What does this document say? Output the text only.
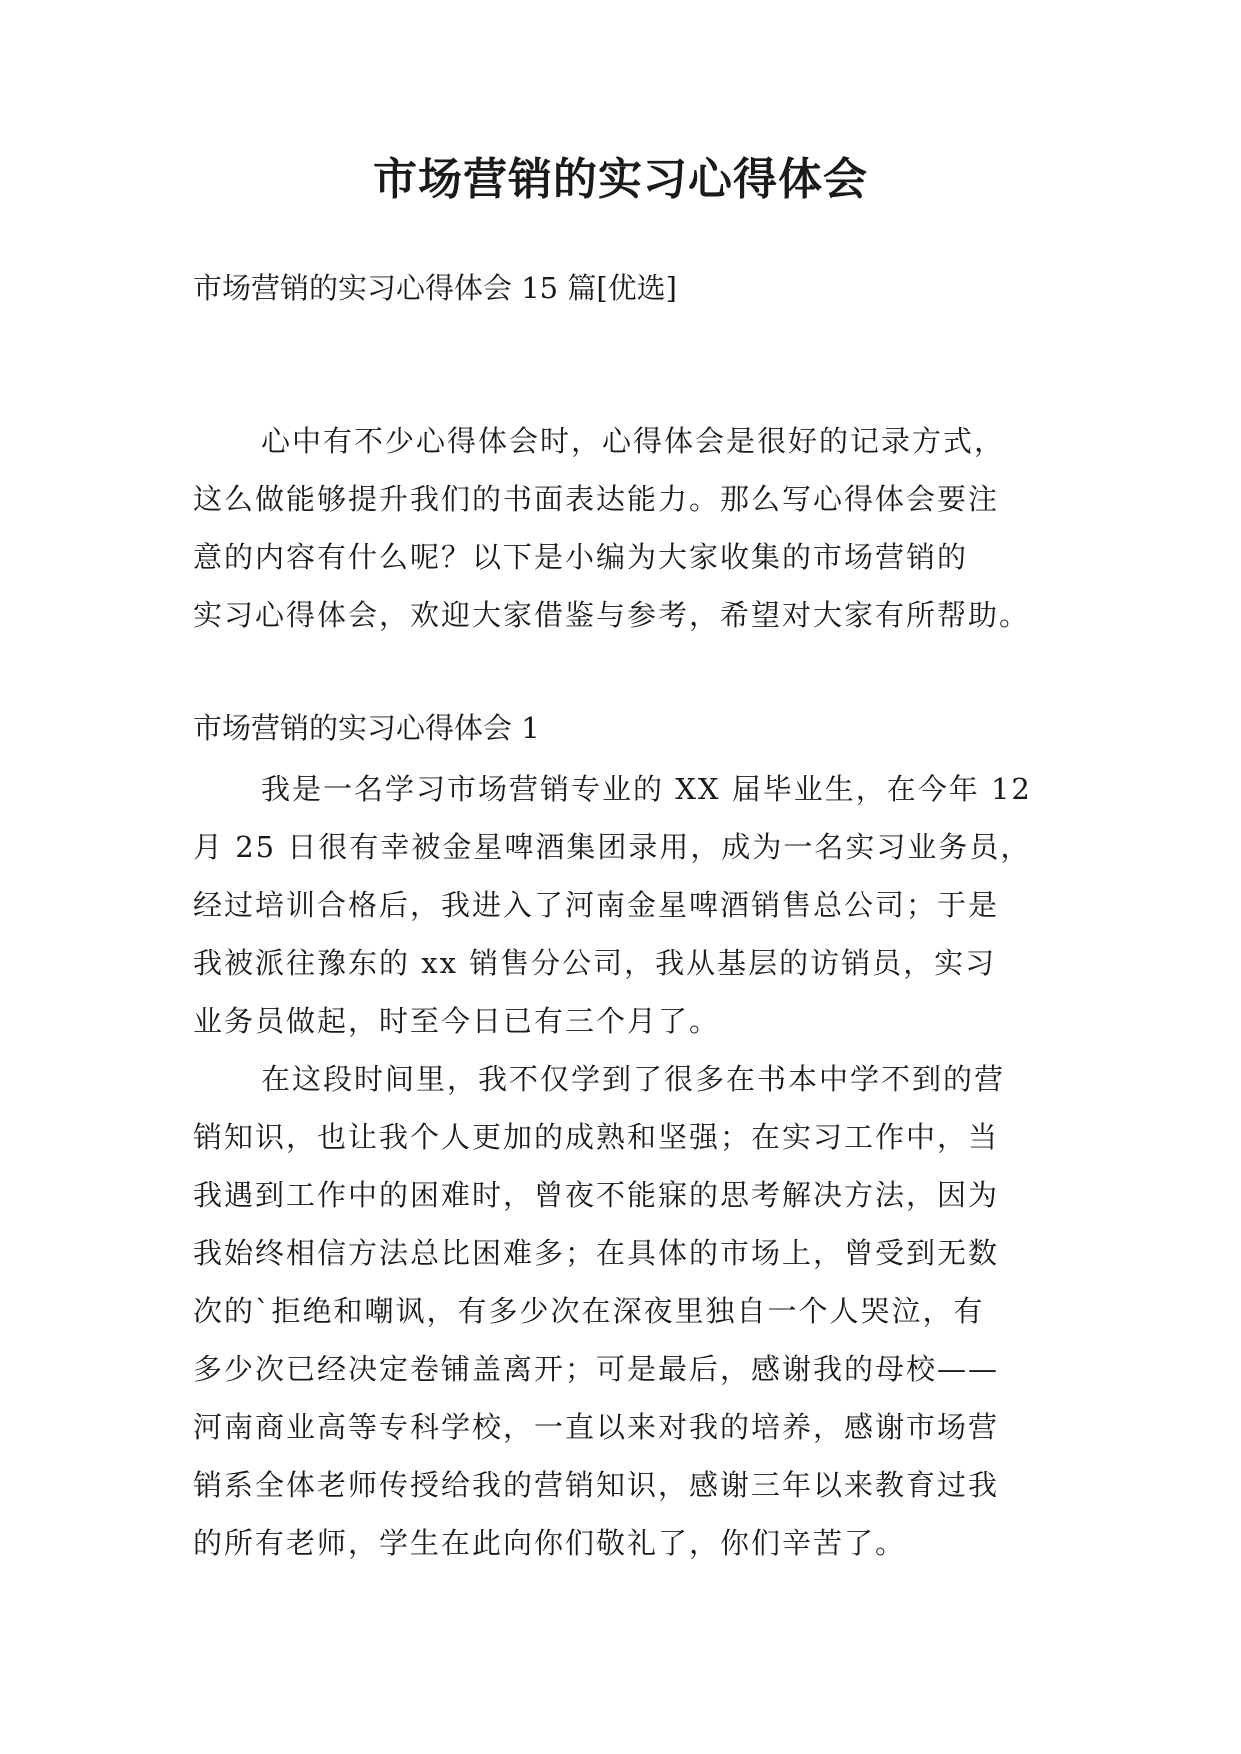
市场营销的实习心得体会
市场营销的实习心得体会 15 篇[优选]
心中有不少心得体会时，心得体会是很好的记录方式，
这么做能够提升我们的书面表达能力。那么写心得体会要注
意的内容有什么呢？以下是小编为大家收集的市场营销的
实习心得体会，欢迎大家借鉴与参考，希望对大家有所帮助。
市场营销的实习心得体会 1
我是一名学习市场营销专业的 XX 届毕业生，在今年 12
月 25 日很有幸被金星啤酒集团录用，成为一名实习业务员，
经过培训合格后，我进入了河南金星啤酒销售总公司；于是
我被派往豫东的 xx 销售分公司，我从基层的访销员，实习
业务员做起，时至今日已有三个月了。
在这段时间里，我不仅学到了很多在书本中学不到的营
销知识，也让我个人更加的成熟和坚强；在实习工作中，当
我遇到工作中的困难时，曾夜不能寐的思考解决方法，因为
我始终相信方法总比困难多；在具体的市场上，曾受到无数
次的`拒绝和嘲讽，有多少次在深夜里独自一个人哭泣，有
多少次已经决定卷铺盖离开；可是最后，感谢我的母校——
河南商业高等专科学校，一直以来对我的培养，感谢市场营
销系全体老师传授给我的营销知识，感谢三年以来教育过我
的所有老师，学生在此向你们敬礼了，你们辛苦了。
